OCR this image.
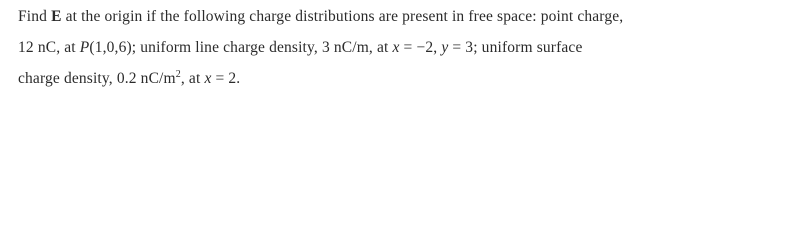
Find E at the origin if the following charge distributions are present in free space: point charge,
12 nC, at P(1,0,6); uniform line charge density, 3 nC/m, at x = −2, y = 3; uniform surface
charge density, 0.2 $nC/m^2$, at x = 2.
